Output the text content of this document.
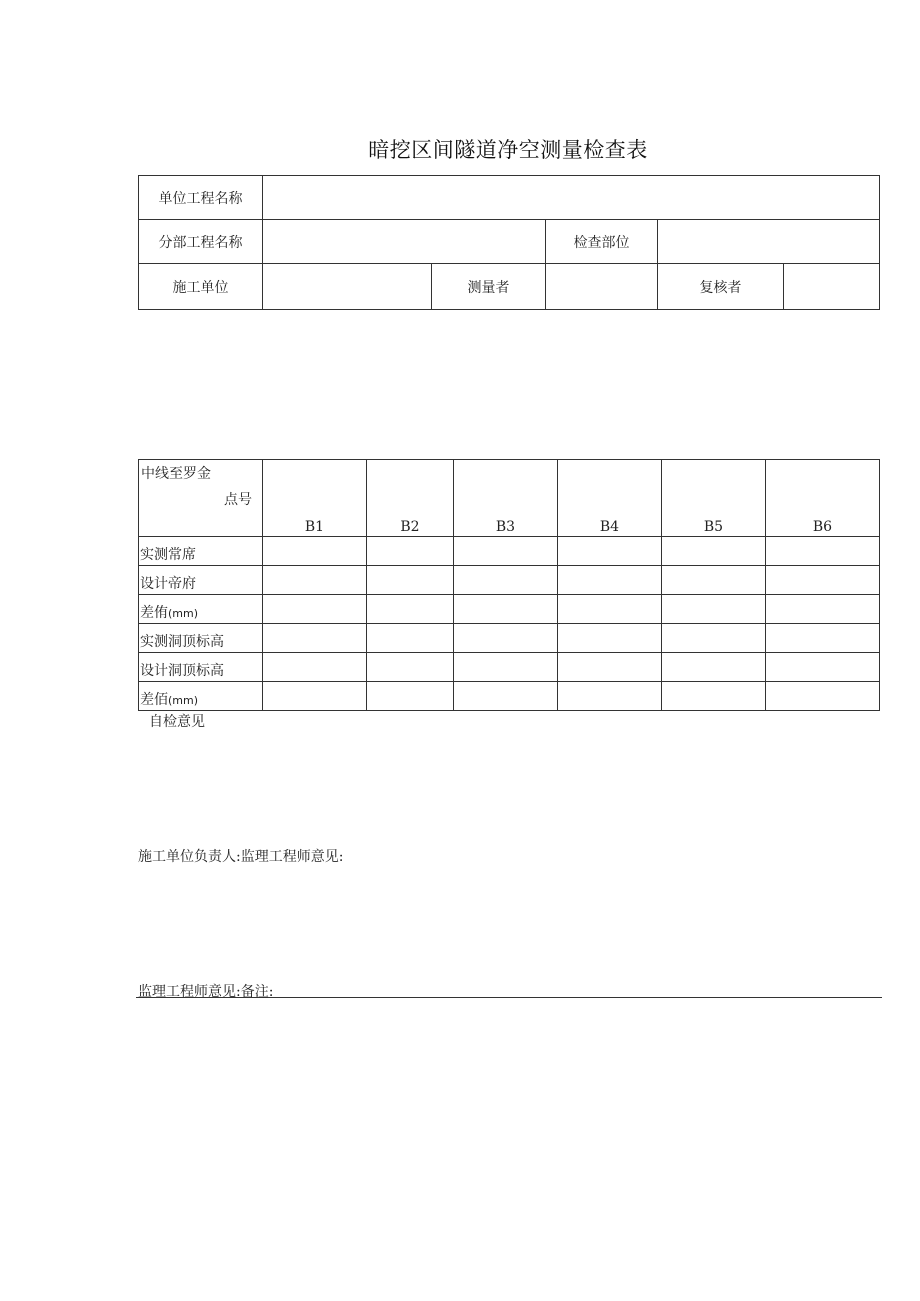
暗挖区间隧道净空测量检查表
单位工程名称					
分部工程名称			检查部位		
施工单位		测量者		复核者	
中线至罗金
点号	B1	B2	B3	B4	B5	B6
实测常席						
设计帝府						
差侑(mm)						
实测洞顶标高						
设计洞顶标高						
差佰(mm)						
自检意见
施工单位负责人:监理工程师意见:
监理工程师意见:备注:
